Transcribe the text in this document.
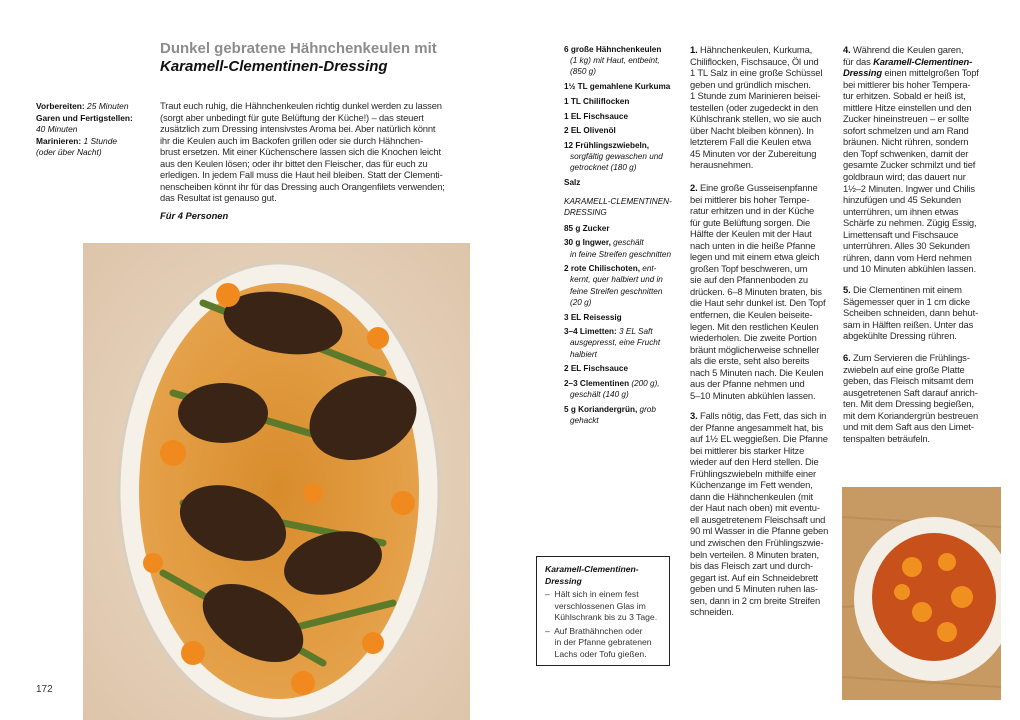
Dunkel gebratene Hähnchenkeulen mit
Karamell-Clementinen-Dressing
Vorbereiten: 25 Minuten
Garen und Fertigstellen:
40 Minuten
Marinieren: 1 Stunde
(oder über Nacht)
Traut euch ruhig, die Hähnchenkeulen richtig dunkel werden zu lassen
(sorgt aber unbedingt für gute Belüftung der Küche!) – das steuert
zusätzlich zum Dressing intensivstes Aroma bei. Aber natürlich könnt
ihr die Keulen auch im Backofen grillen oder sie durch Hähnchen-
brust ersetzen. Mit einer Küchenschere lassen sich die Knochen leicht
aus den Keulen lösen; oder ihr bittet den Fleischer, das für euch zu
erledigen. In jedem Fall muss die Haut heil bleiben. Statt der Clementi-
nenscheiben könnt ihr für das Dressing auch Orangenfilets verwenden;
das Resultat ist genauso gut.
Für 4 Personen
172
6 große Hähnchenkeulen
(1 kg) mit Haut, entbeint,
(850 g)
1½ TL gemahlene Kurkuma
1 TL Chiliflocken
1 EL Fischsauce
2 EL Olivenöl
12 Frühlingszwiebeln,
sorgfältig gewaschen und
getrocknet (180 g)
Salz
KARAMELL-CLEMENTINEN-
DRESSING
85 g Zucker
30 g Ingwer, geschält
in feine Streifen geschnitten
2 rote Chilischoten, ent-
kernt, quer halbiert und in
feine Streifen geschnitten
(20 g)
3 EL Reisessig
3–4 Limetten: 3 EL Saft
ausgepresst, eine Frucht
halbiert
2 EL Fischsauce
2–3 Clementinen (200 g),
geschält (140 g)
5 g Koriandergrün, grob
gehackt
1. Hähnchenkeulen, Kurkuma,
Chiliflocken, Fischsauce, Öl und
1 TL Salz in eine große Schüssel
geben und gründlich mischen.
1 Stunde zum Marinieren beisei-
testellen (oder zugedeckt in den
Kühlschrank stellen, wo sie auch
über Nacht bleiben können). In
letzterem Fall die Keulen etwa
45 Minuten vor der Zubereitung
herausnehmen.
2. Eine große Gusseisenpfanne
bei mittlerer bis hoher Tempe-
ratur erhitzen und in der Küche
für gute Belüftung sorgen. Die
Hälfte der Keulen mit der Haut
nach unten in die heiße Pfanne
legen und mit einem etwa gleich
großen Topf beschweren, um
sie auf den Pfannenboden zu
drücken. 6–8 Minuten braten, bis
die Haut sehr dunkel ist. Den Topf
entfernen, die Keulen beiseite-
legen. Mit den restlichen Keulen
wiederholen. Die zweite Portion
bräunt möglicherweise schneller
als die erste, seht also bereits
nach 5 Minuten nach. Die Keulen
aus der Pfanne nehmen und
5–10 Minuten abkühlen lassen.
3. Falls nötig, das Fett, das sich in
der Pfanne angesammelt hat, bis
auf 1½ EL weggießen. Die Pfanne
bei mittlerer bis starker Hitze
wieder auf den Herd stellen. Die
Frühlingszwiebeln mithilfe einer
Küchenzange im Fett wenden,
dann die Hähnchenkeulen (mit
der Haut nach oben) mit eventu-
ell ausgetretenem Fleischsaft und
90 ml Wasser in die Pfanne geben
und zwischen den Frühlingszwie-
beln verteilen. 8 Minuten braten,
bis das Fleisch zart und durch-
gegart ist. Auf ein Schneidebrett
geben und 5 Minuten ruhen las-
sen, dann in 2 cm breite Streifen
schneiden.
4. Während die Keulen garen,
für das Karamell-Clementinen-
Dressing einen mittelgroßen Topf
bei mittlerer bis hoher Tempera-
tur erhitzen. Sobald er heiß ist,
mittlere Hitze einstellen und den
Zucker hineinstreuen – er sollte
sofort schmelzen und am Rand
bräunen. Nicht rühren, sondern
den Topf schwenken, damit der
gesamte Zucker schmilzt und tief
goldbraun wird; das dauert nur
1½–2 Minuten. Ingwer und Chilis
hinzufügen und 45 Sekunden
unterrühren, um ihnen etwas
Schärfe zu nehmen. Zügig Essig,
Limettensaft und Fischsauce
unterrühren. Alles 30 Sekunden
rühren, dann vom Herd nehmen
und 10 Minuten abkühlen lassen.
5. Die Clementinen mit einem
Sägemesser quer in 1 cm dicke
Scheiben schneiden, dann behut-
sam in Hälften reißen. Unter das
abgekühlte Dressing rühren.
6. Zum Servieren die Frühlings-
zwiebeln auf eine große Platte
geben, das Fleisch mitsamt dem
ausgetretenen Saft darauf anrich-
ten. Mit dem Dressing begießen,
mit dem Koriandergrün bestreuen
und mit dem Saft aus den Limet-
tenspalten beträufeln.
Karamell-Clementinen-
Dressing
–  Hält sich in einem fest
verschlossenen Glas im
Kühlschrank bis zu 3 Tage.
–  Auf Brathähnchen oder
in der Pfanne gebratenen
Lachs oder Tofu gießen.
